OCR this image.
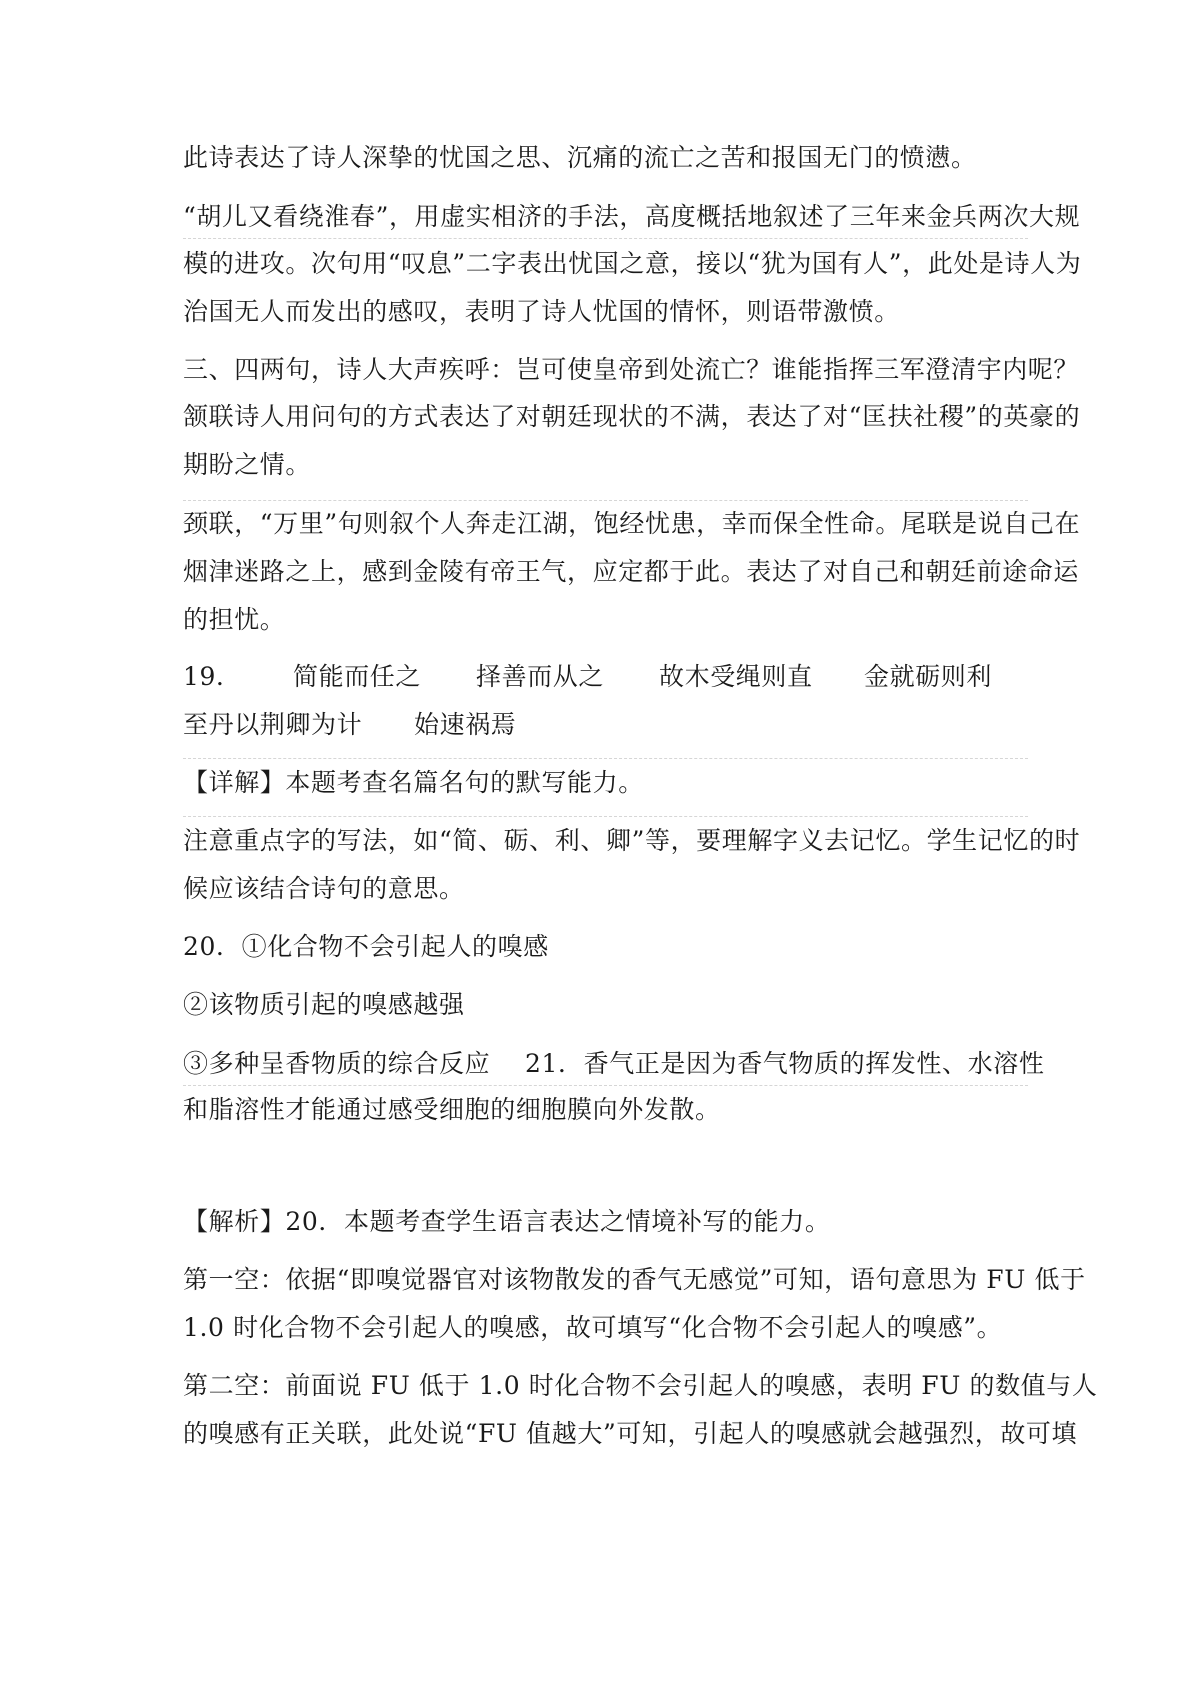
此诗表达了诗人深挚的忧国之思、沉痛的流亡之苦和报国无门的愤懑。
“胡儿又看绕淮春”，用虚实相济的手法，高度概括地叙述了三年来金兵两次大规
模的进攻。次句用“叹息”二字表出忧国之意，接以“犹为国有人”，此处是诗人为
治国无人而发出的感叹，表明了诗人忧国的情怀，则语带激愤。
三、四两句，诗人大声疾呼：岂可使皇帝到处流亡？谁能指挥三军澄清宇内呢？
颔联诗人用问句的方式表达了对朝廷现状的不满，表达了对“匡扶社稷”的英豪的
期盼之情。
颈联，“万里”句则叙个人奔走江湖，饱经忧患，幸而保全性命。尾联是说自己在
烟津迷路之上，感到金陵有帝王气，应定都于此。表达了对自己和朝廷前途命运
的担忧。
19． 简能而任之 择善而从之 故木受绳则直 金就砺则利
至丹以荆卿为计 始速祸焉
【详解】本题考查名篇名句的默写能力。
注意重点字的写法，如“简、砺、利、卿”等，要理解字义去记忆。学生记忆的时
候应该结合诗句的意思。
20．①化合物不会引起人的嗅感
②该物质引起的嗅感越强
③多种呈香物质的综合反应 21．香气正是因为香气物质的挥发性、水溶性
和脂溶性才能通过感受细胞的细胞膜向外发散。
【解析】20．本题考查学生语言表达之情境补写的能力。
第一空：依据“即嗅觉器官对该物散发的香气无感觉”可知，语句意思为 FU 低于
1.0 时化合物不会引起人的嗅感，故可填写“化合物不会引起人的嗅感”。
第二空：前面说 FU 低于 1.0 时化合物不会引起人的嗅感，表明 FU 的数值与人
的嗅感有正关联，此处说“FU 值越大”可知，引起人的嗅感就会越强烈，故可填
